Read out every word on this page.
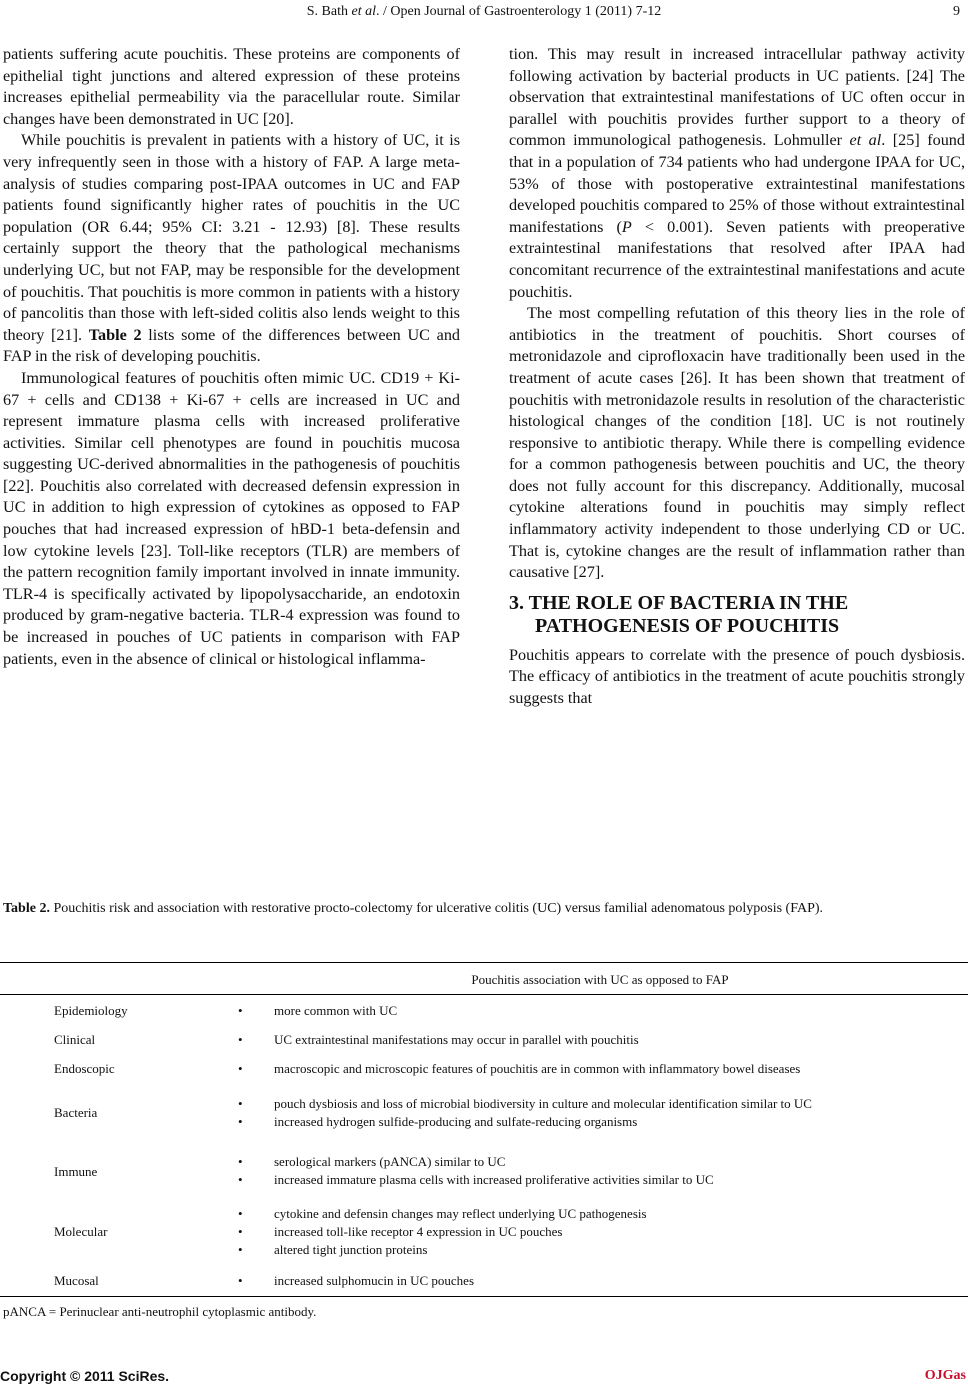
S. Bath et al. / Open Journal of Gastroenterology 1 (2011) 7-12	9

patients suffering acute pouchitis. These proteins are components of epithelial tight junctions and altered expression of these proteins increases epithelial permeability via the paracellular route. Similar changes have been demonstrated in UC [20].

While pouchitis is prevalent in patients with a history of UC, it is very infrequently seen in those with a history of FAP. A large meta-analysis of studies comparing post-IPAA outcomes in UC and FAP patients found significantly higher rates of pouchitis in the UC population (OR 6.44; 95% CI: 3.21 - 12.93) [8]. These results certainly support the theory that the pathological mechanisms underlying UC, but not FAP, may be responsible for the development of pouchitis. That pouchitis is more common in patients with a history of pancolitis than those with left-sided colitis also lends weight to this theory [21]. Table 2 lists some of the differences between UC and FAP in the risk of developing pouchitis.

Immunological features of pouchitis often mimic UC. CD19 + Ki-67 + cells and CD138 + Ki-67 + cells are increased in UC and represent immature plasma cells with increased proliferative activities. Similar cell phenotypes are found in pouchitis mucosa suggesting UC-derived abnormalities in the pathogenesis of pouchitis [22]. Pouchitis also correlated with decreased defensin expression in UC in addition to high expression of cytokines as opposed to FAP pouches that had increased expression of hBD-1 beta-defensin and low cytokine levels [23]. Toll-like receptors (TLR) are members of the pattern recognition family important involved in innate immunity. TLR-4 is specifically activated by lipopolysaccharide, an endotoxin produced by gram-negative bacteria. TLR-4 expression was found to be increased in pouches of UC patients in comparison with FAP patients, even in the absence of clinical or histological inflamma-

tion. This may result in increased intracellular pathway activity following activation by bacterial products in UC patients. [24] The observation that extraintestinal manifestations of UC often occur in parallel with pouchitis provides further support to a theory of common immunological pathogenesis. Lohmuller et al. [25] found that in a population of 734 patients who had undergone IPAA for UC, 53% of those with postoperative extraintestinal manifestations developed pouchitis compared to 25% of those without extraintestinal manifestations (P < 0.001). Seven patients with preoperative extraintestinal manifestations that resolved after IPAA had concomitant recurrence of the extraintestinal manifestations and acute pouchitis.

The most compelling refutation of this theory lies in the role of antibiotics in the treatment of pouchitis. Short courses of metronidazole and ciprofloxacin have traditionally been used in the treatment of acute cases [26]. It has been shown that treatment of pouchitis with metronidazole results in resolution of the characteristic histological changes of the condition [18]. UC is not routinely responsive to antibiotic therapy. While there is compelling evidence for a common pathogenesis between pouchitis and UC, the theory does not fully account for this discrepancy. Additionally, mucosal cytokine alterations found in pouchitis may simply reflect inflammatory activity independent to those underlying CD or UC. That is, cytokine changes are the result of inflammation rather than causative [27].

3. THE ROLE OF BACTERIA IN THE
PATHOGENESIS OF POUCHITIS

Pouchitis appears to correlate with the presence of pouch dysbiosis. The efficacy of antibiotics in the treatment of acute pouchitis strongly suggests that

Table 2. Pouchitis risk and association with restorative procto-colectomy for ulcerative colitis (UC) versus familial adenomatous polyposis (FAP).
Pouchitis association with UC as opposed to FAP
Epidemiology	• more common with UC
Clinical	• UC extraintestinal manifestations may occur in parallel with pouchitis
Endoscopic	• macroscopic and microscopic features of pouchitis are in common with inflammatory bowel diseases
Bacteria
• pouch dysbiosis and loss of microbial biodiversity in culture and molecular identification similar to UC
• increased hydrogen sulfide-producing and sulfate-reducing organisms
Immune
• serological markers (pANCA) similar to UC
• increased immature plasma cells with increased proliferative activities similar to UC
Molecular
• cytokine and defensin changes may reflect underlying UC pathogenesis
• increased toll-like receptor 4 expression in UC pouches
• altered tight junction proteins
Mucosal	• increased sulphomucin in UC pouches
pANCA = Perinuclear anti-neutrophil cytoplasmic antibody.
Copyright © 2011 SciRes.	OJGas
